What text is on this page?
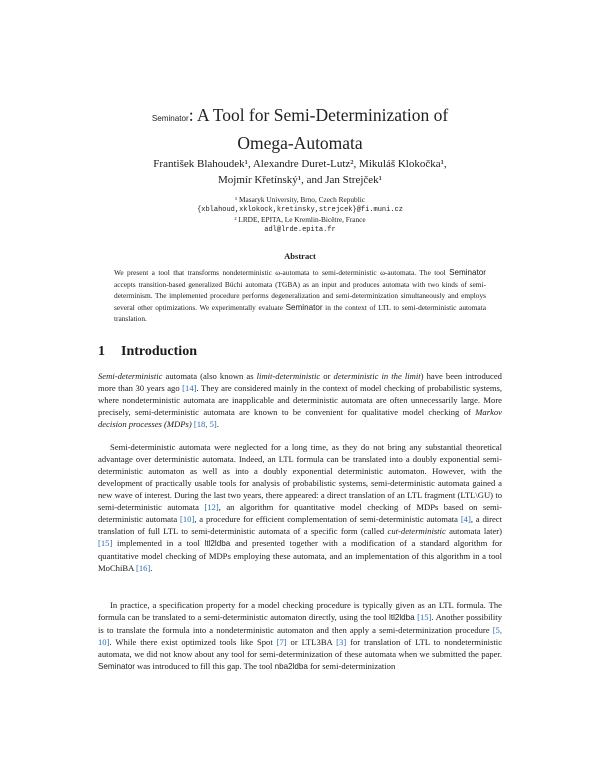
Seminator: A Tool for Semi-Determinization of
Omega-Automata
František Blahoudek¹, Alexandre Duret-Lutz², Mikuláš Klokočka¹,
Mojmír Křetínský¹, and Jan Strejček¹
¹ Masaryk University, Brno, Czech Republic
{xblahoud,xklokock,kretinsky,strejcek}@fi.muni.cz
² LRDE, EPITA, Le Kremlin-Bicêtre, France
adl@lrde.epita.fr
Abstract
We present a tool that transforms nondeterministic ω-automata to semi-deterministic ω-automata. The tool Seminator accepts transition-based generalized Büchi automata (TGBA) as an input and produces automata with two kinds of semi-determinism. The implemented procedure performs degeneralization and semi-determinization simultaneously and employs several other optimizations. We experimentally evaluate Seminator in the context of LTL to semi-deterministic automata translation.
1 Introduction

Semi-deterministic automata (also known as limit-deterministic or deterministic in the limit) have been introduced more than 30 years ago [14]. They are considered mainly in the context of model checking of probabilistic systems, where nondeterministic automata are inapplicable and deterministic automata are often unnecessarily large. More precisely, semi-deterministic automata are known to be convenient for qualitative model checking of Markov decision processes (MDPs) [18, 5].

Semi-deterministic automata were neglected for a long time, as they do not bring any substantial theoretical advantage over deterministic automata. Indeed, an LTL formula can be translated into a doubly exponential semi-deterministic automaton as well as into a doubly exponential deterministic automaton. However, with the development of practically usable tools for analysis of probabilistic systems, semi-deterministic automata gained a new wave of interest. During the last two years, there appeared: a direct translation of an LTL fragment (LTL\GU) to semi-deterministic automata [12], an algorithm for quantitative model checking of MDPs based on semi-deterministic automata [10], a procedure for efficient complementation of semi-deterministic automata [4], a direct translation of full LTL to semi-deterministic automata of a specific form (called cut-deterministic automata later) [15] implemented in a tool ltl2ldba and presented together with a modification of a standard algorithm for quantitative model checking of MDPs employing these automata, and an implementation of this algorithm in a tool MoChiBA [16].

In practice, a specification property for a model checking procedure is typically given as an LTL formula. The formula can be translated to a semi-deterministic automaton directly, using the tool ltl2ldba [15]. Another possibility is to translate the formula into a nondeterministic automaton and then apply a semi-determinization procedure [5, 10]. While there exist optimized tools like Spot [7] or LTL3BA [3] for translation of LTL to nondeterministic automata, we did not know about any tool for semi-determinization of these automata when we submitted the paper. Seminator was introduced to fill this gap. The tool nba2ldba for semi-determinization
